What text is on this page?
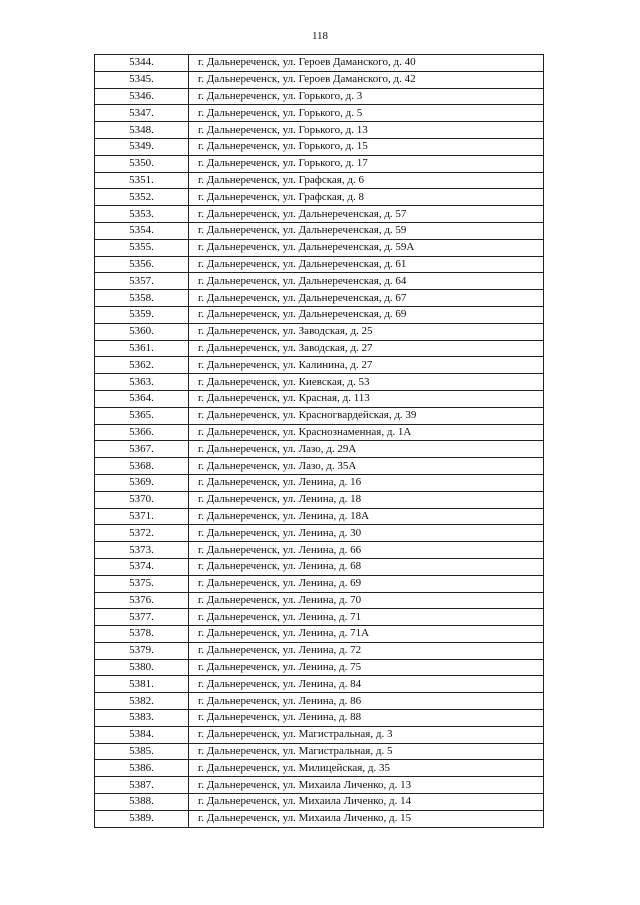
118
5344.	г. Дальнереченск, ул. Героев Даманского, д. 40
5345.	г. Дальнереченск, ул. Героев Даманского, д. 42
5346.	г. Дальнереченск, ул. Горького, д. 3
5347.	г. Дальнереченск, ул. Горького, д. 5
5348.	г. Дальнереченск, ул. Горького, д. 13
5349.	г. Дальнереченск, ул. Горького, д. 15
5350.	г. Дальнереченск, ул. Горького, д. 17
5351.	г. Дальнереченск, ул. Графская, д. 6
5352.	г. Дальнереченск, ул. Графская, д. 8
5353.	г. Дальнереченск, ул. Дальнереченская, д. 57
5354.	г. Дальнереченск, ул. Дальнереченская, д. 59
5355.	г. Дальнереченск, ул. Дальнереченская, д. 59А
5356.	г. Дальнереченск, ул. Дальнереченская, д. 61
5357.	г. Дальнереченск, ул. Дальнереченская, д. 64
5358.	г. Дальнереченск, ул. Дальнереченская, д. 67
5359.	г. Дальнереченск, ул. Дальнереченская, д. 69
5360.	г. Дальнереченск, ул. Заводская, д. 25
5361.	г. Дальнереченск, ул. Заводская, д. 27
5362.	г. Дальнереченск, ул. Калинина, д. 27
5363.	г. Дальнереченск, ул. Киевская, д. 53
5364.	г. Дальнереченск, ул. Красная, д. 113
5365.	г. Дальнереченск, ул. Красногвардейская, д. 39
5366.	г. Дальнереченск, ул. Краснознаменная, д. 1А
5367.	г. Дальнереченск, ул. Лазо, д. 29А
5368.	г. Дальнереченск, ул. Лазо, д. 35А
5369.	г. Дальнереченск, ул. Ленина, д. 16
5370.	г. Дальнереченск, ул. Ленина, д. 18
5371.	г. Дальнереченск, ул. Ленина, д. 18А
5372.	г. Дальнереченск, ул. Ленина, д. 30
5373.	г. Дальнереченск, ул. Ленина, д. 66
5374.	г. Дальнереченск, ул. Ленина, д. 68
5375.	г. Дальнереченск, ул. Ленина, д. 69
5376.	г. Дальнереченск, ул. Ленина, д. 70
5377.	г. Дальнереченск, ул. Ленина, д. 71
5378.	г. Дальнереченск, ул. Ленина, д. 71А
5379.	г. Дальнереченск, ул. Ленина, д. 72
5380.	г. Дальнереченск, ул. Ленина, д. 75
5381.	г. Дальнереченск, ул. Ленина, д. 84
5382.	г. Дальнереченск, ул. Ленина, д. 86
5383.	г. Дальнереченск, ул. Ленина, д. 88
5384.	г. Дальнереченск, ул. Магистральная, д. 3
5385.	г. Дальнереченск, ул. Магистральная, д. 5
5386.	г. Дальнереченск, ул. Милицейская, д. 35
5387.	г. Дальнереченск, ул. Михаила Личенко, д. 13
5388.	г. Дальнереченск, ул. Михаила Личенко, д. 14
5389.	г. Дальнереченск, ул. Михаила Личенко, д. 15
